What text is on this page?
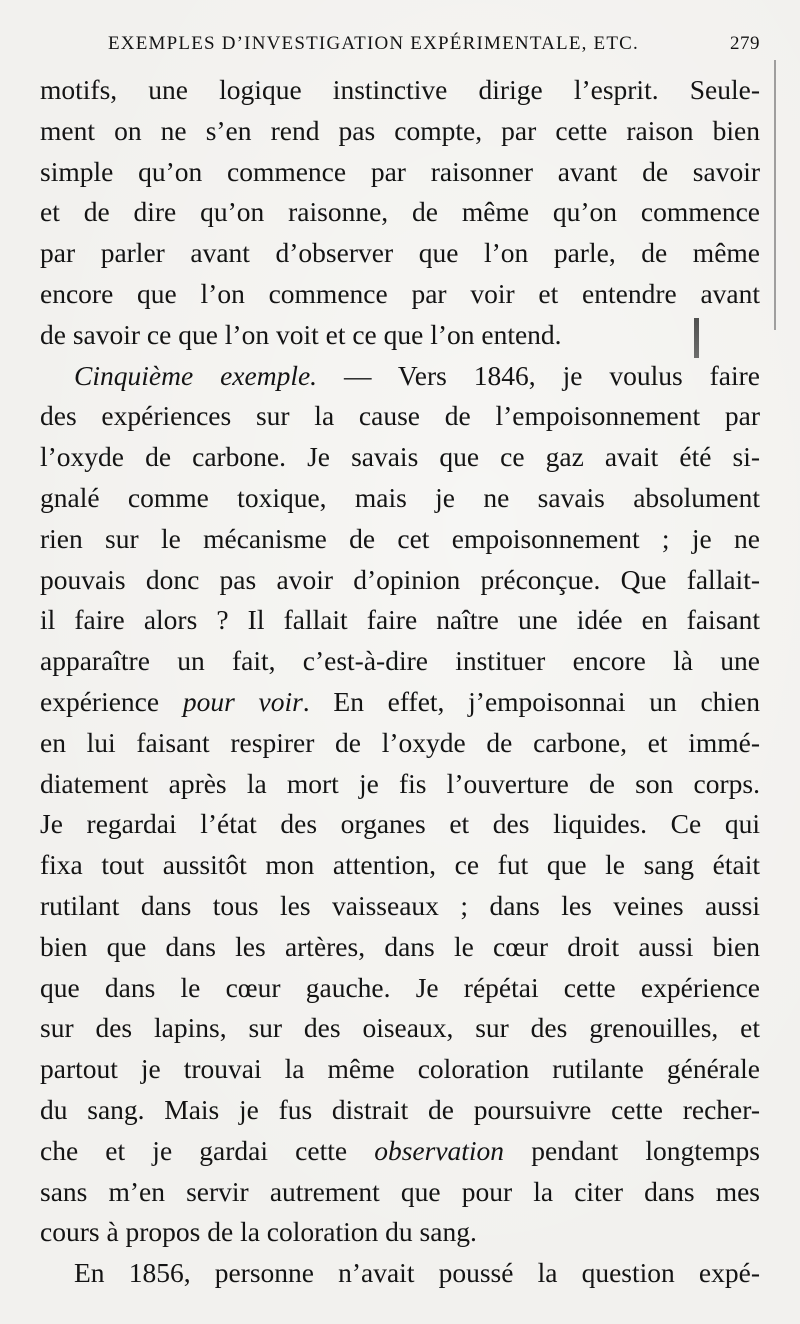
EXEMPLES D’INVESTIGATION EXPÉRIMENTALE, ETC.	279
motifs, une logique instinctive dirige l’esprit. Seule-
ment on ne s’en rend pas compte, par cette raison bien
simple qu’on commence par raisonner avant de savoir
et de dire qu’on raisonne, de même qu’on commence
par parler avant d’observer que l’on parle, de même
encore que l’on commence par voir et entendre avant
de savoir ce que l’on voit et ce que l’on entend.
Cinquième exemple. — Vers 1846, je voulus faire
des expériences sur la cause de l’empoisonnement par
l’oxyde de carbone. Je savais que ce gaz avait été si-
gnalé comme toxique, mais je ne savais absolument
rien sur le mécanisme de cet empoisonnement ; je ne
pouvais donc pas avoir d’opinion préconçue. Que fallait-
il faire alors ? Il fallait faire naître une idée en faisant
apparaître un fait, c’est-à-dire instituer encore là une
expérience pour voir. En effet, j’empoisonnai un chien
en lui faisant respirer de l’oxyde de carbone, et immé-
diatement après la mort je fis l’ouverture de son corps.
Je regardai l’état des organes et des liquides. Ce qui
fixa tout aussitôt mon attention, ce fut que le sang était
rutilant dans tous les vaisseaux ; dans les veines aussi
bien que dans les artères, dans le cœur droit aussi bien
que dans le cœur gauche. Je répétai cette expérience
sur des lapins, sur des oiseaux, sur des grenouilles, et
partout je trouvai la même coloration rutilante générale
du sang. Mais je fus distrait de poursuivre cette recher-
che et je gardai cette observation pendant longtemps
sans m’en servir autrement que pour la citer dans mes
cours à propos de la coloration du sang.
En 1856, personne n’avait poussé la question expé-
